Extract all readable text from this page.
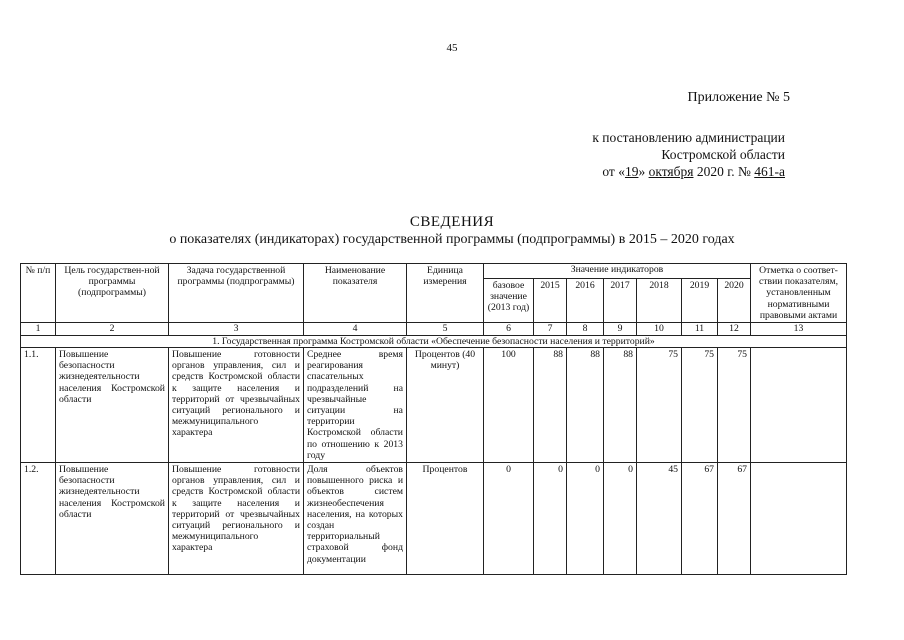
45
Приложение № 5
к постановлению администрации
Костромской области
от «19» октября 2020 г. № 461-а
СВЕДЕНИЯ
о показателях (индикаторах) государственной программы (подпрограммы) в 2015 – 2020 годах
№ п/п	Цель государствен-ной программы (подпрограммы)	Задача государственной программы (подпрограммы)	Наименование показателя	Единица измерения	Значение индикаторов							Отметка о соответ-ствии показателям, установленным нормативными правовыми актами
					базовое значение (2013 год)	2015	2016	2017	2018	2019	2020	
1	2	3	4	5	6	7	8	9	10	11	12	13
1. Государственная программа Костромской области «Обеспечение безопасности населения и территорий»												
1.1.	Повышение безопасности жизнедеятельности населения Костромской области	Повышение готовности органов управления, сил и средств Костромской области к защите населения и территорий от чрезвычайных ситуаций регионального и межмуниципального характера	Среднее время реагирования спасательных подразделений на чрезвычайные ситуации на территории Костромской области по отношению к 2013 году	Процентов (40 минут)	100	88	88	88	75	75	75	
1.2.	Повышение безопасности жизнедеятельности населения Костромской области	Повышение готовности органов управления, сил и средств Костромской области к защите населения и территорий от чрезвычайных ситуаций регионального и межмуниципального характера	Доля объектов повышенного риска и объектов систем жизнеобеспечения населения, на которых создан территориальный страховой фонд документации	Процентов	0	0	0	0	45	67	67	
